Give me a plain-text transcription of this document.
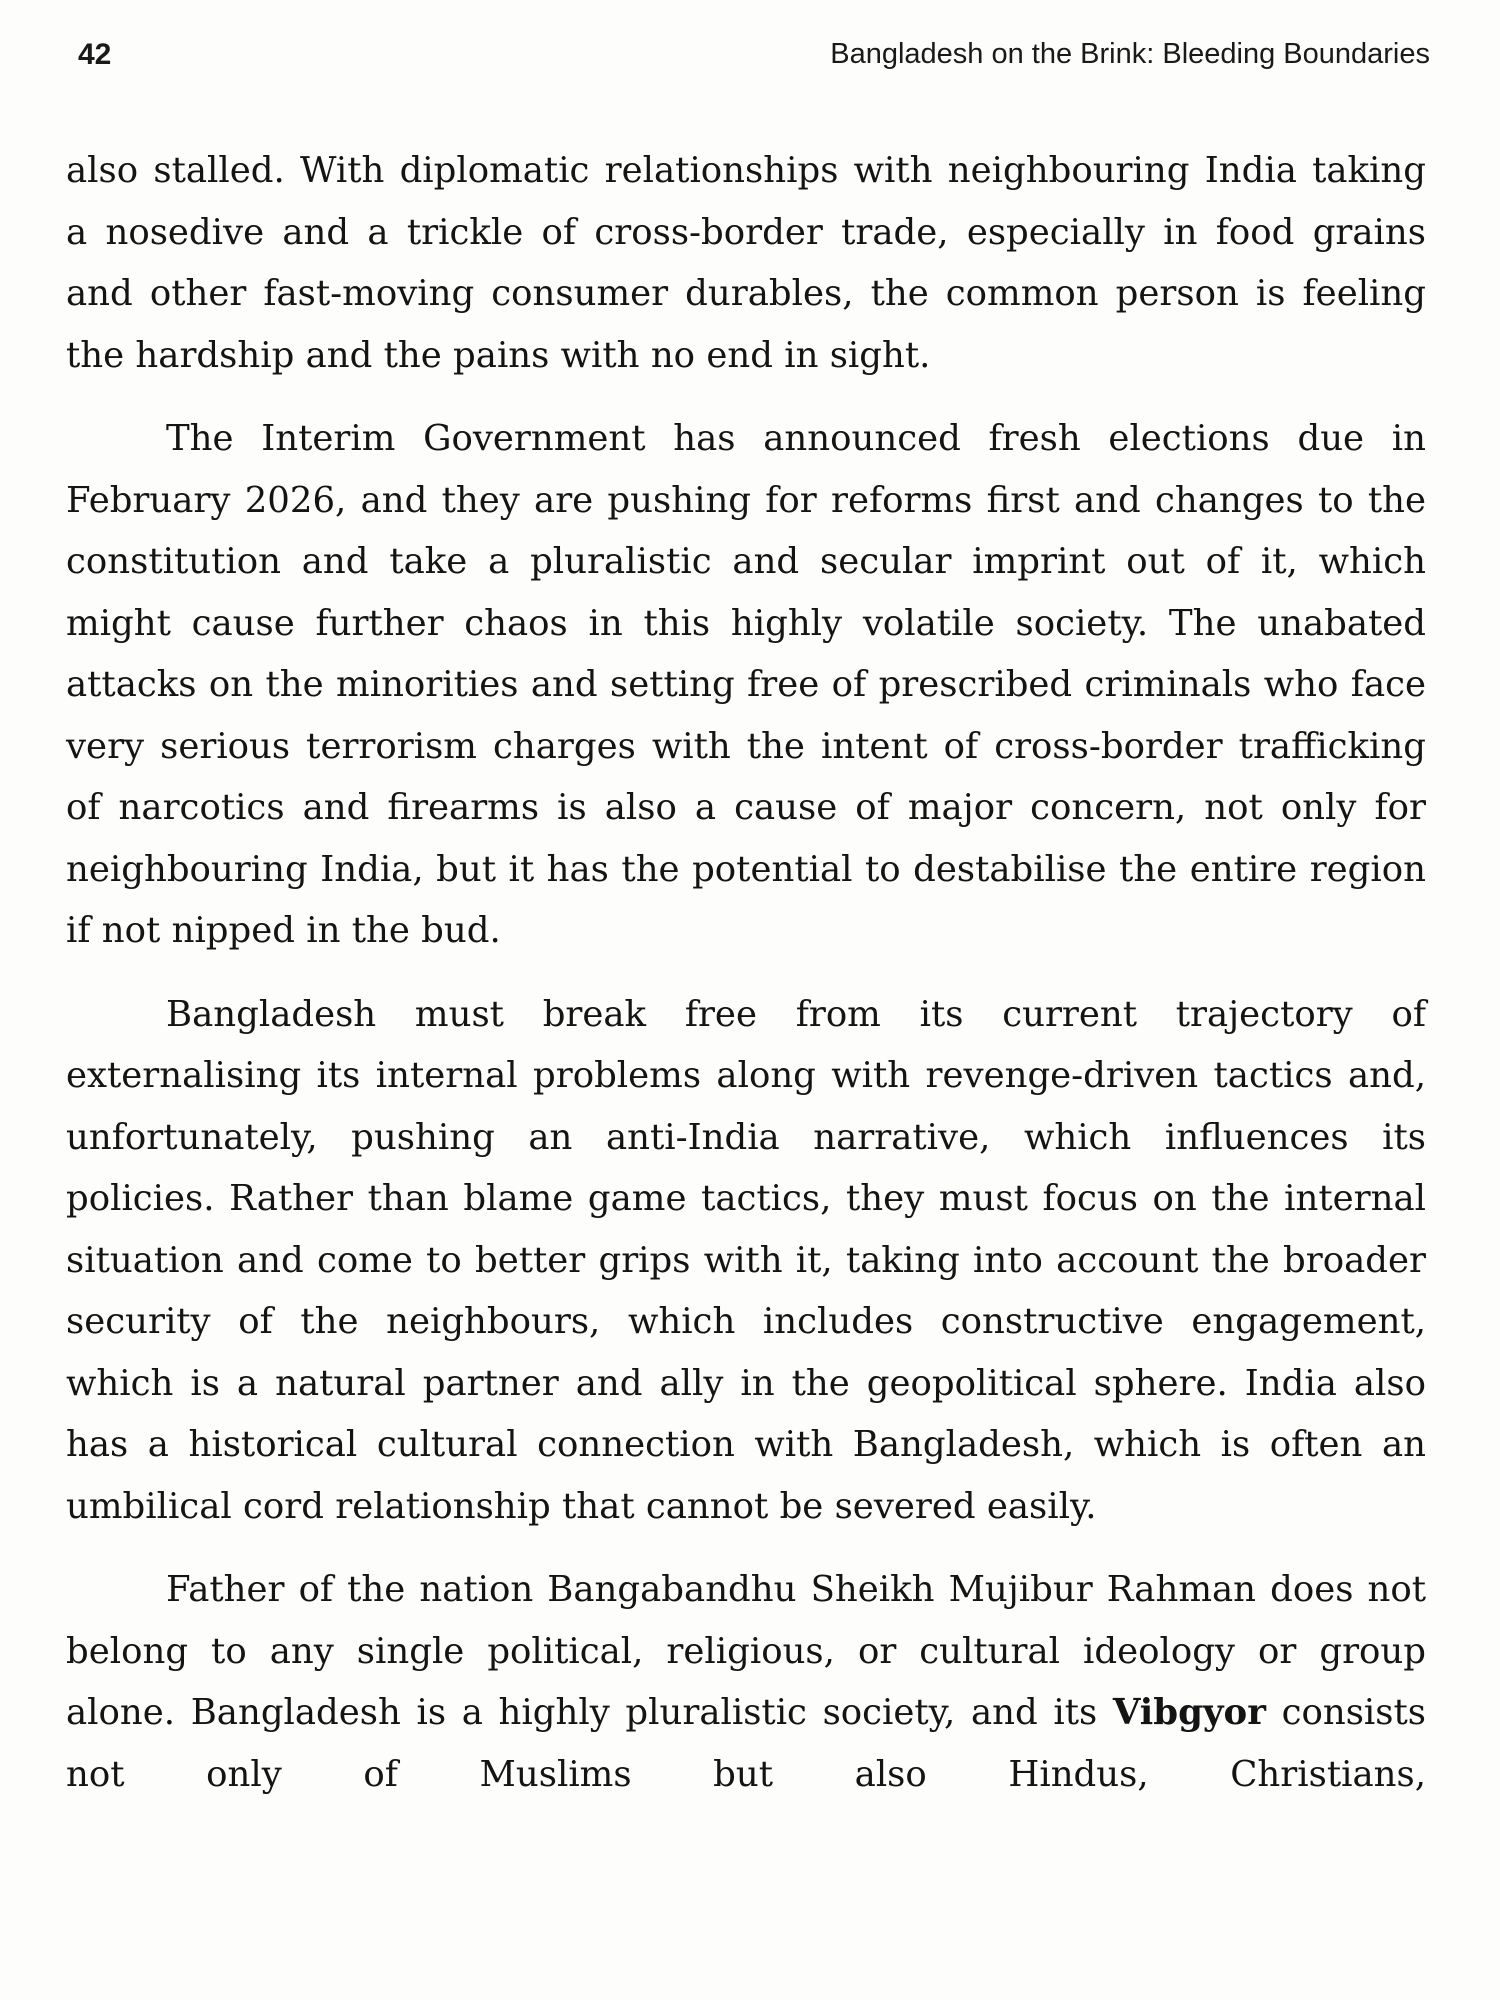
42	Bangladesh on the Brink: Bleeding Boundaries

also stalled. With diplomatic relationships with neighbouring India taking a nosedive and a trickle of cross-border trade, especially in food grains and other fast-moving consumer durables, the common person is feeling the hardship and the pains with no end in sight.

The Interim Government has announced fresh elections due in February 2026, and they are pushing for reforms first and changes to the constitution and take a pluralistic and secular imprint out of it, which might cause further chaos in this highly volatile society. The unabated attacks on the minorities and setting free of prescribed criminals who face very serious terrorism charges with the intent of cross-border trafficking of narcotics and firearms is also a cause of major concern, not only for neighbouring India, but it has the potential to destabilise the entire region if not nipped in the bud.

Bangladesh must break free from its current trajectory of externalising its internal problems along with revenge-driven tactics and, unfortunately, pushing an anti-India narrative, which influences its policies. Rather than blame game tactics, they must focus on the internal situation and come to better grips with it, taking into account the broader security of the neighbours, which includes constructive engagement, which is a natural partner and ally in the geopolitical sphere. India also has a historical cultural connection with Bangladesh, which is often an umbilical cord relationship that cannot be severed easily.

Father of the nation Bangabandhu Sheikh Mujibur Rahman does not belong to any single political, religious, or cultural ideology or group alone. Bangladesh is a highly pluralistic society, and its Vibgyor consists not only of Muslims but also Hindus, Christians,
